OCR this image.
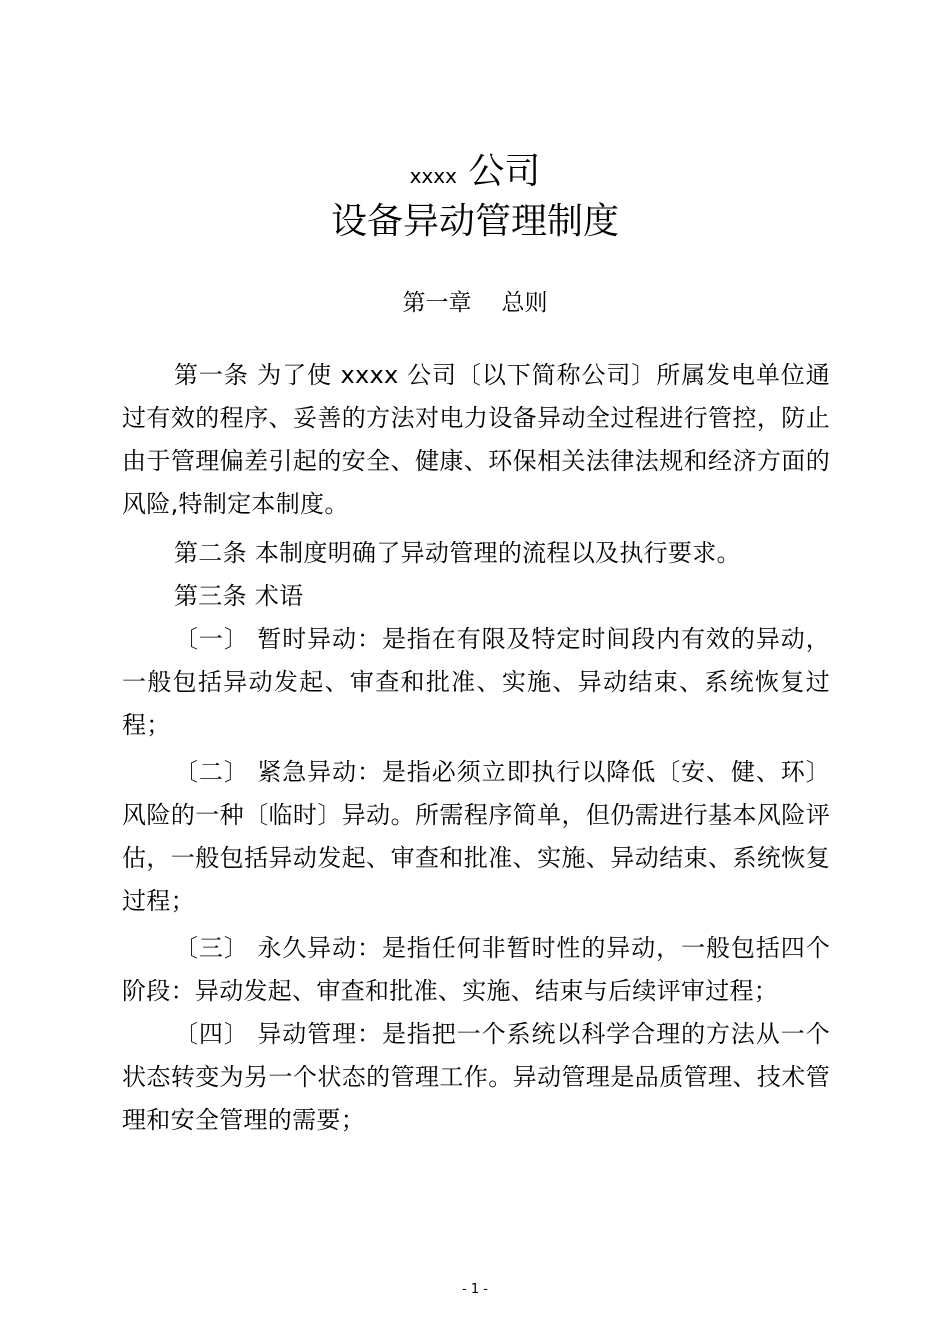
xxxx 公司
设备异动管理制度
第一章 总则

第一条 为了使 xxxx 公司〔以下简称公司〕所属发电单位通过有效的程序、妥善的方法对电力设备异动全过程进行管控，防止由于管理偏差引起的安全、健康、环保相关法律法规和经济方面的风险,特制定本制度。

第二条 本制度明确了异动管理的流程以及执行要求。

第三条 术语

〔一〕 暂时异动：是指在有限及特定时间段内有效的异动，一般包括异动发起、审查和批准、实施、异动结束、系统恢复过程；

〔二〕 紧急异动：是指必须立即执行以降低〔安、健、环〕风险的一种〔临时〕异动。所需程序简单，但仍需进行基本风险评估，一般包括异动发起、审查和批准、实施、异动结束、系统恢复过程；

〔三〕 永久异动：是指任何非暂时性的异动，一般包括四个阶段：异动发起、审查和批准、实施、结束与后续评审过程；

〔四〕 异动管理：是指把一个系统以科学合理的方法从一个状态转变为另一个状态的管理工作。异动管理是品质管理、技术管理和安全管理的需要；

- 1 -
